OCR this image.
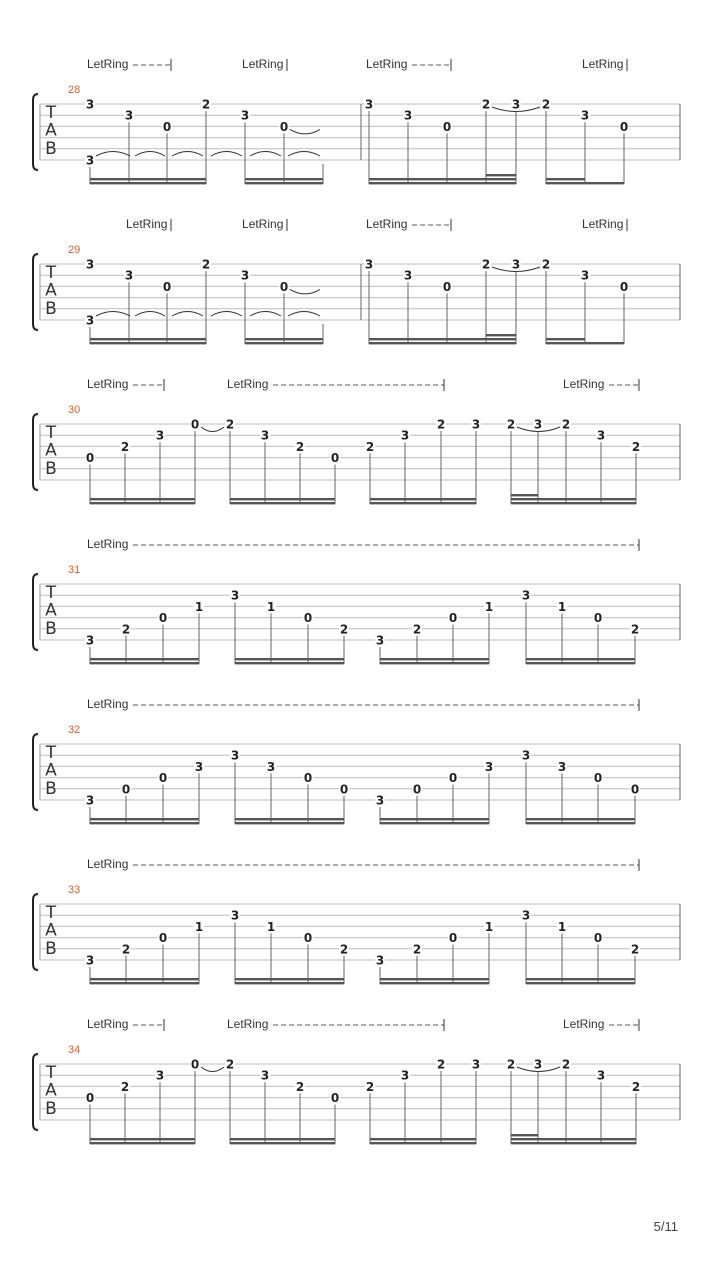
T
A
B
28
LetRing	LetRing	LetRing	LetRing
3
3
3
0
2
3
0
3
3
0
2 3 2
3
0
T
A
B
29
LetRing	LetRing	LetRing	LetRing
3
3
3
0
2
3
0
3
3
0
2 3 2
3
0
T
A
B
30
LetRing	LetRing	LetRing
0
2
3
0 2
3
2
0
2
3
2 3 2 3 2
3
2
T
A
B
31
LetRing
3
2
0
1
3
1
0
2
3
2
0
1
3
1
0
2
T
A
B
32
LetRing
3
0
0
3
3
3
0
0
3
0
0
3
3
3
0
0
T
A
B
33
LetRing
3
2
0
1
3
1
0
2
3
2
0
1
3
1
0
2
T
A
B
34
LetRing	LetRing	LetRing
0
2
3
0 2
3
2
0
2
3
2 3 2 3 2
3
2
5/11
